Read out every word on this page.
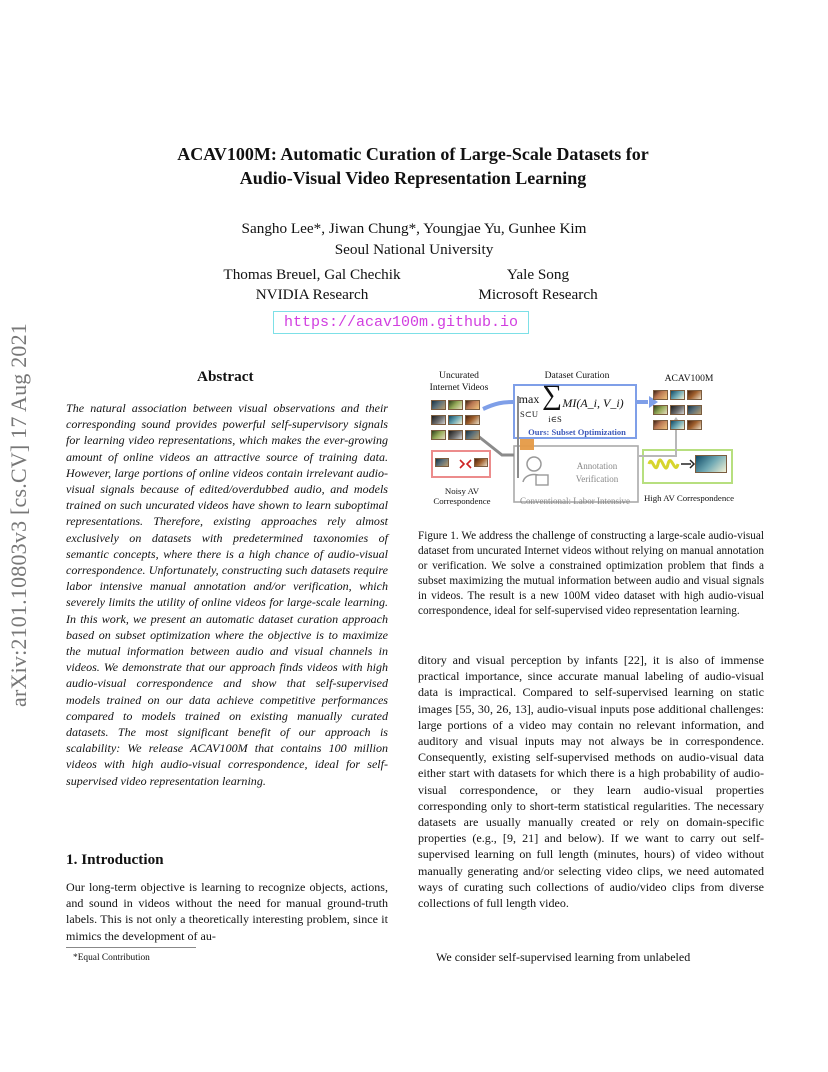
arXiv:2101.10803v3 [cs.CV] 17 Aug 2021
ACAV100M: Automatic Curation of Large-Scale Datasets for
Audio-Visual Video Representation Learning
Sangho Lee*, Jiwan Chung*, Youngjae Yu, Gunhee Kim
Seoul National University
Thomas Breuel, Gal Chechik
NVIDIA Research
Yale Song
Microsoft Research
https://acav100m.github.io
Abstract
The natural association between visual observations and their corresponding sound provides powerful self-supervisory signals for learning video representations, which makes the ever-growing amount of online videos an attractive source of training data. However, large portions of online videos contain irrelevant audio-visual signals because of edited/overdubbed audio, and models trained on such uncurated videos have shown to learn suboptimal representations. Therefore, existing approaches rely almost exclusively on datasets with predetermined taxonomies of semantic concepts, where there is a high chance of audio-visual correspondence. Unfortunately, constructing such datasets require labor intensive manual annotation and/or verification, which severely limits the utility of online videos for large-scale learning. In this work, we present an automatic dataset curation approach based on subset optimization where the objective is to maximize the mutual information between audio and visual channels in videos. We demonstrate that our approach finds videos with high audio-visual correspondence and show that self-supervised models trained on our data achieve competitive performances compared to models trained on existing manually curated datasets. The most significant benefit of our approach is scalability: We release ACAV100M that contains 100 million videos with high audio-visual correspondence, ideal for self-supervised video representation learning.
1. Introduction
Our long-term objective is learning to recognize objects, actions, and sound in videos without the need for manual ground-truth labels. This is not only a theoretically interesting problem, since it mimics the development of au-
*Equal Contribution
Uncurated Internet Videos
Dataset Curation	ACAV100M
max
S⊂U
MI(A_i, V_i)
i∈S
∑
Ours: Subset Optimization
Annotation
Verification
Conventional: Labor Intensive
Noisy AV Correspondence	High AV Correspondence
Figure 1. We address the challenge of constructing a large-scale audio-visual dataset from uncurated Internet videos without relying on manual annotation or verification. We solve a constrained optimization problem that finds a subset maximizing the mutual information between audio and visual signals in videos. The result is a new 100M video dataset with high audio-visual correspondence, ideal for self-supervised video representation learning.
ditory and visual perception by infants [22], it is also of immense practical importance, since accurate manual labeling of audio-visual data is impractical. Compared to self-supervised learning on static images [55, 30, 26, 13], audio-visual inputs pose additional challenges: large portions of a video may contain no relevant information, and auditory and visual inputs may not always be in correspondence. Consequently, existing self-supervised methods on audio-visual data either start with datasets for which there is a high probability of audio-visual correspondence, or they learn audio-visual properties corresponding only to short-term statistical regularities. The necessary datasets are usually manually created or rely on domain-specific properties (e.g., [9, 21] and below). If we want to carry out self-supervised learning on full length (minutes, hours) of video without manually generating and/or selecting video clips, we need automated ways of curating such collections of audio/video clips from diverse collections of full length video.
We consider self-supervised learning from unlabeled
